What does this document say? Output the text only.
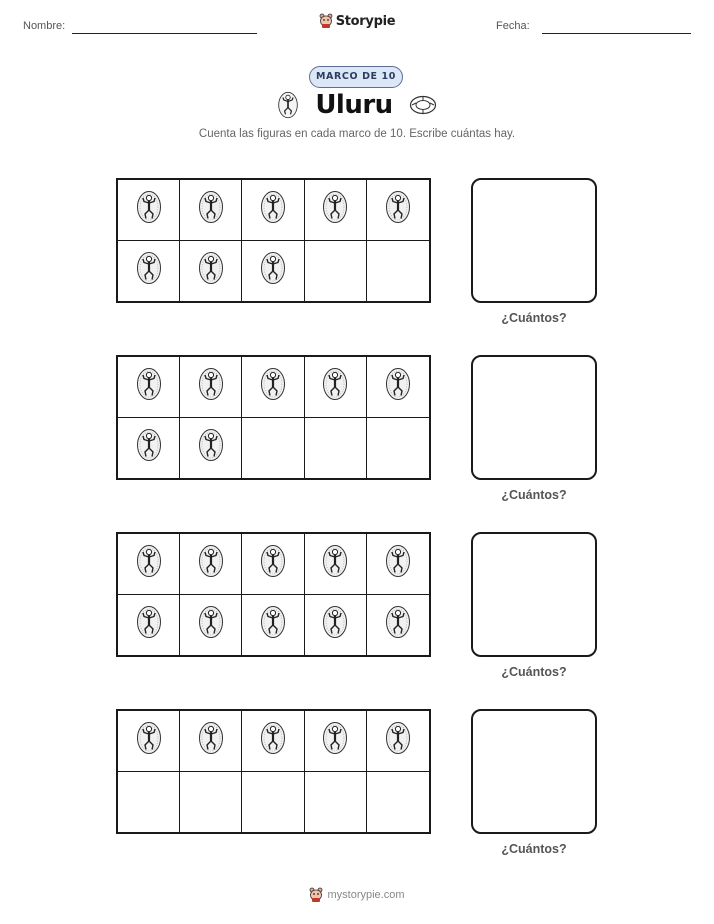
Nombre:	Storypie	Fecha:
MARCO DE 10
Uluru
Cuenta las figuras en cada marco de 10. Escribe cuántas hay.
¿Cuántos?
¿Cuántos?
¿Cuántos?
¿Cuántos?
mystorypie.com
